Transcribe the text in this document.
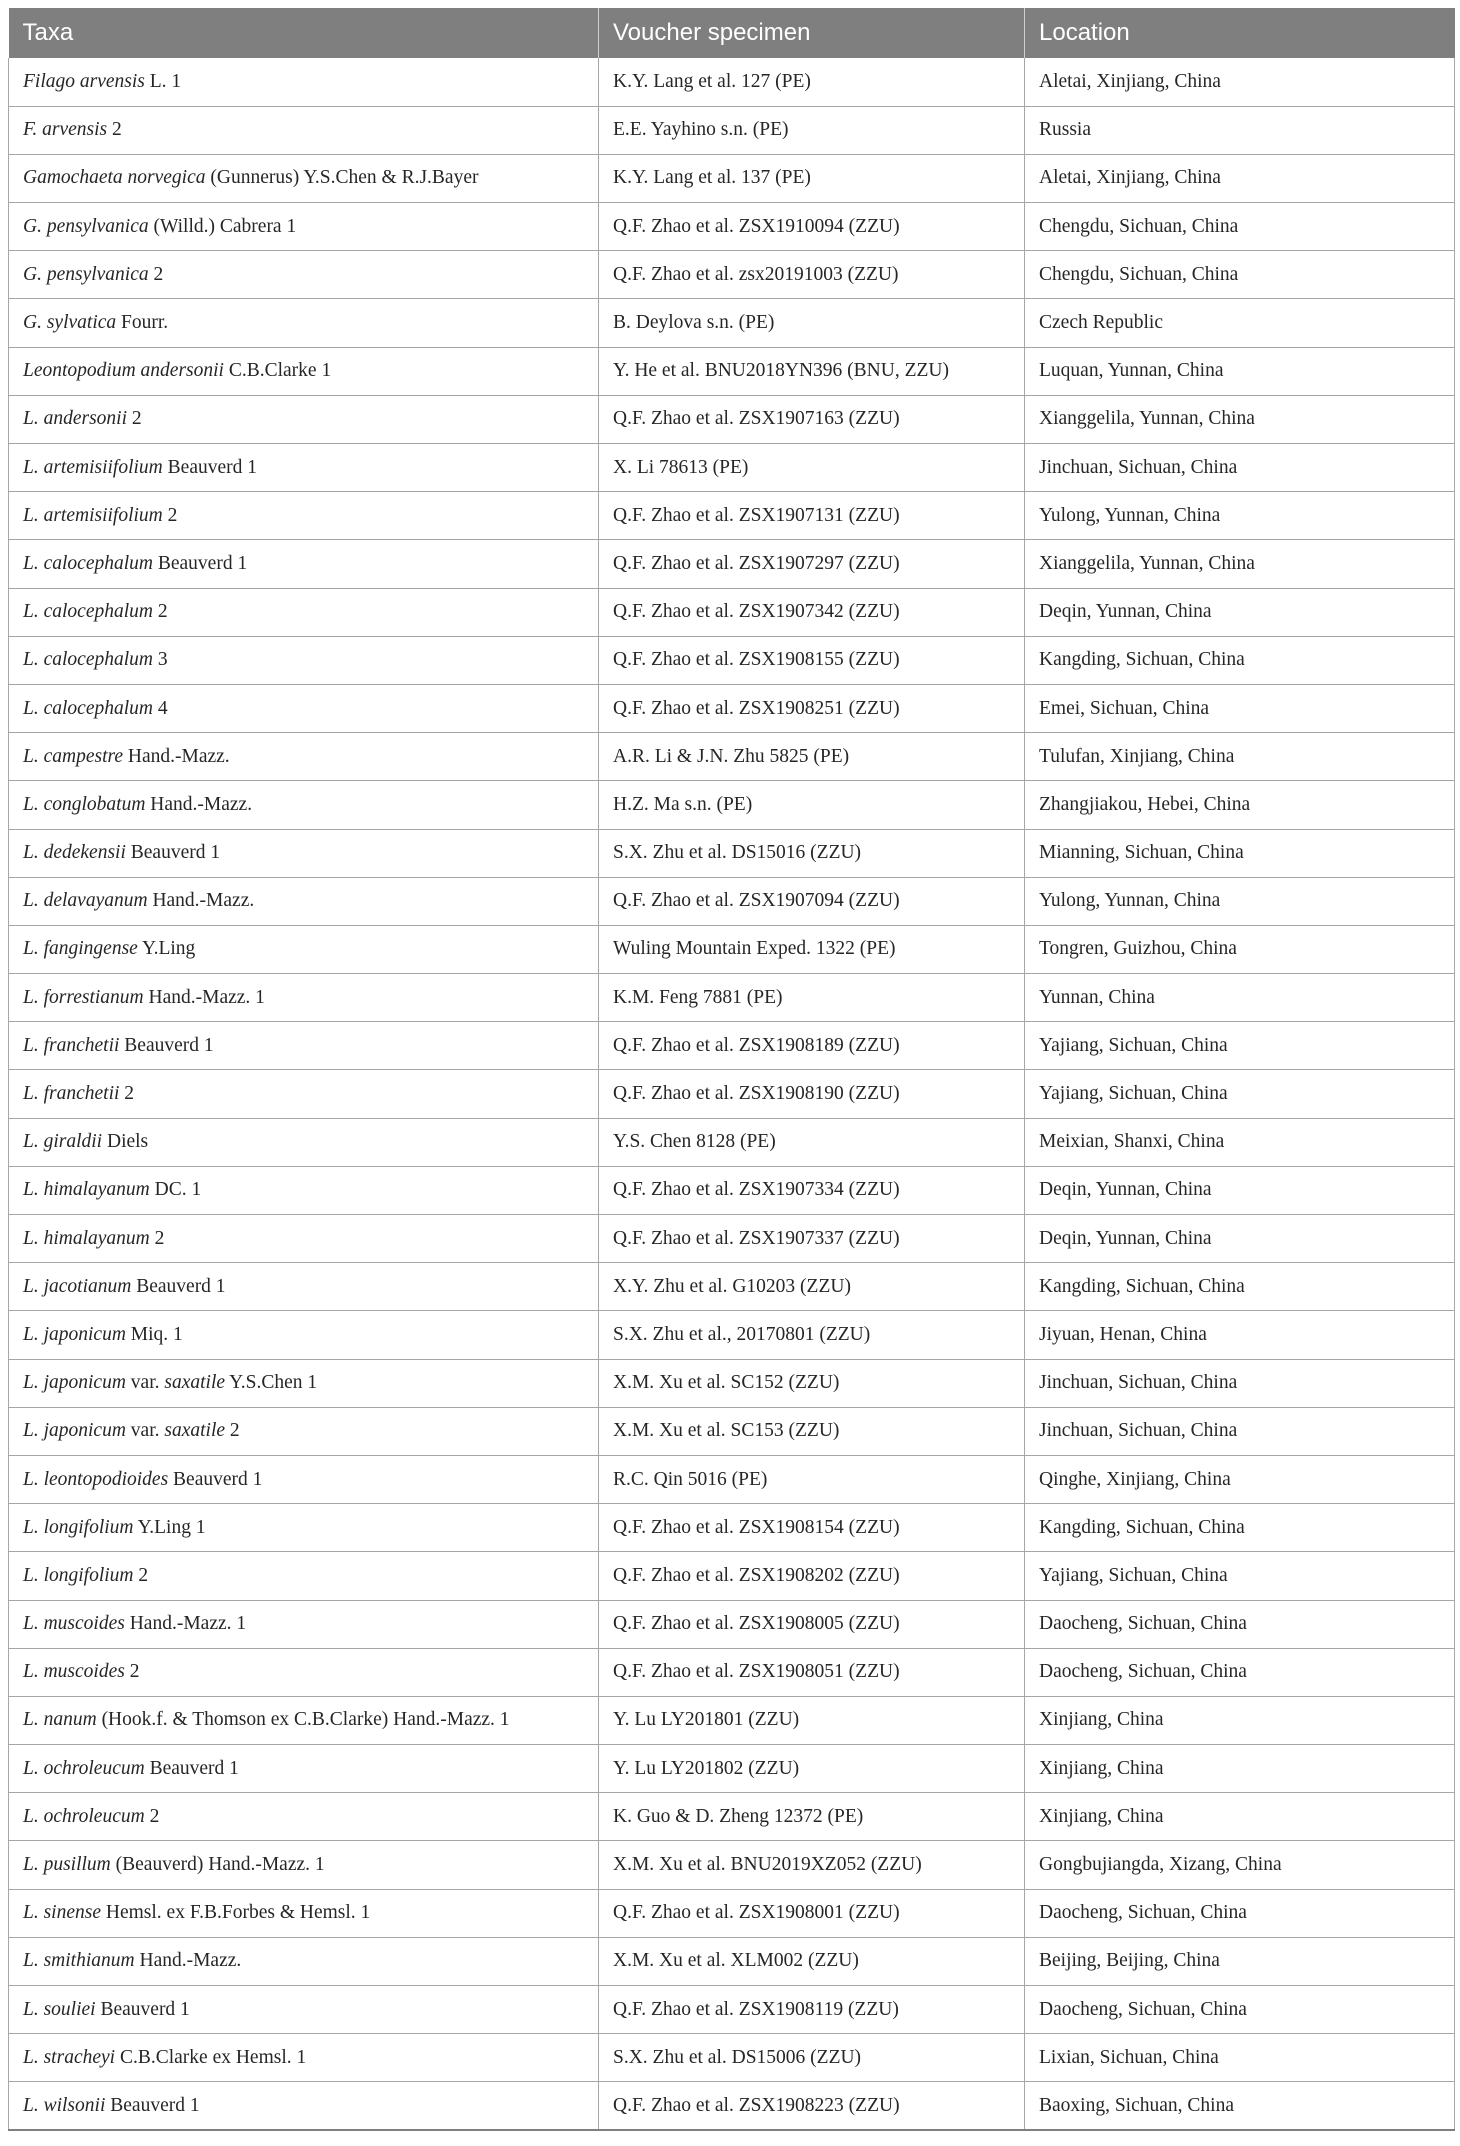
Taxa	Voucher specimen	Location
Filago arvensis L. 1	K.Y. Lang et al. 127 (PE)	Aletai, Xinjiang, China
F. arvensis 2	E.E. Yayhino s.n. (PE)	Russia
Gamochaeta norvegica (Gunnerus) Y.S.Chen & R.J.Bayer	K.Y. Lang et al. 137 (PE)	Aletai, Xinjiang, China
G. pensylvanica (Willd.) Cabrera 1	Q.F. Zhao et al. ZSX1910094 (ZZU)	Chengdu, Sichuan, China
G. pensylvanica 2	Q.F. Zhao et al. zsx20191003 (ZZU)	Chengdu, Sichuan, China
G. sylvatica Fourr.	B. Deylova s.n. (PE)	Czech Republic
Leontopodium andersonii C.B.Clarke 1	Y. He et al. BNU2018YN396 (BNU, ZZU)	Luquan, Yunnan, China
L. andersonii 2	Q.F. Zhao et al. ZSX1907163 (ZZU)	Xianggelila, Yunnan, China
L. artemisiifolium Beauverd 1	X. Li 78613 (PE)	Jinchuan, Sichuan, China
L. artemisiifolium 2	Q.F. Zhao et al. ZSX1907131 (ZZU)	Yulong, Yunnan, China
L. calocephalum Beauverd 1	Q.F. Zhao et al. ZSX1907297 (ZZU)	Xianggelila, Yunnan, China
L. calocephalum 2	Q.F. Zhao et al. ZSX1907342 (ZZU)	Deqin, Yunnan, China
L. calocephalum 3	Q.F. Zhao et al. ZSX1908155 (ZZU)	Kangding, Sichuan, China
L. calocephalum 4	Q.F. Zhao et al. ZSX1908251 (ZZU)	Emei, Sichuan, China
L. campestre Hand.-Mazz.	A.R. Li & J.N. Zhu 5825 (PE)	Tulufan, Xinjiang, China
L. conglobatum Hand.-Mazz.	H.Z. Ma s.n. (PE)	Zhangjiakou, Hebei, China
L. dedekensii Beauverd 1	S.X. Zhu et al. DS15016 (ZZU)	Mianning, Sichuan, China
L. delavayanum Hand.-Mazz.	Q.F. Zhao et al. ZSX1907094 (ZZU)	Yulong, Yunnan, China
L. fangingense Y.Ling	Wuling Mountain Exped. 1322 (PE)	Tongren, Guizhou, China
L. forrestianum Hand.-Mazz. 1	K.M. Feng 7881 (PE)	Yunnan, China
L. franchetii Beauverd 1	Q.F. Zhao et al. ZSX1908189 (ZZU)	Yajiang, Sichuan, China
L. franchetii 2	Q.F. Zhao et al. ZSX1908190 (ZZU)	Yajiang, Sichuan, China
L. giraldii Diels	Y.S. Chen 8128 (PE)	Meixian, Shanxi, China
L. himalayanum DC. 1	Q.F. Zhao et al. ZSX1907334 (ZZU)	Deqin, Yunnan, China
L. himalayanum 2	Q.F. Zhao et al. ZSX1907337 (ZZU)	Deqin, Yunnan, China
L. jacotianum Beauverd 1	X.Y. Zhu et al. G10203 (ZZU)	Kangding, Sichuan, China
L. japonicum Miq. 1	S.X. Zhu et al., 20170801 (ZZU)	Jiyuan, Henan, China
L. japonicum var. saxatile Y.S.Chen 1	X.M. Xu et al. SC152 (ZZU)	Jinchuan, Sichuan, China
L. japonicum var. saxatile 2	X.M. Xu et al. SC153 (ZZU)	Jinchuan, Sichuan, China
L. leontopodioides Beauverd 1	R.C. Qin 5016 (PE)	Qinghe, Xinjiang, China
L. longifolium Y.Ling 1	Q.F. Zhao et al. ZSX1908154 (ZZU)	Kangding, Sichuan, China
L. longifolium 2	Q.F. Zhao et al. ZSX1908202 (ZZU)	Yajiang, Sichuan, China
L. muscoides Hand.-Mazz. 1	Q.F. Zhao et al. ZSX1908005 (ZZU)	Daocheng, Sichuan, China
L. muscoides 2	Q.F. Zhao et al. ZSX1908051 (ZZU)	Daocheng, Sichuan, China
L. nanum (Hook.f. & Thomson ex C.B.Clarke) Hand.-Mazz. 1	Y. Lu LY201801 (ZZU)	Xinjiang, China
L. ochroleucum Beauverd 1	Y. Lu LY201802 (ZZU)	Xinjiang, China
L. ochroleucum 2	K. Guo & D. Zheng 12372 (PE)	Xinjiang, China
L. pusillum (Beauverd) Hand.-Mazz. 1	X.M. Xu et al. BNU2019XZ052 (ZZU)	Gongbujiangda, Xizang, China
L. sinense Hemsl. ex F.B.Forbes & Hemsl. 1	Q.F. Zhao et al. ZSX1908001 (ZZU)	Daocheng, Sichuan, China
L. smithianum Hand.-Mazz.	X.M. Xu et al. XLM002 (ZZU)	Beijing, Beijing, China
L. souliei Beauverd 1	Q.F. Zhao et al. ZSX1908119 (ZZU)	Daocheng, Sichuan, China
L. stracheyi C.B.Clarke ex Hemsl. 1	S.X. Zhu et al. DS15006 (ZZU)	Lixian, Sichuan, China
L. wilsonii Beauverd 1	Q.F. Zhao et al. ZSX1908223 (ZZU)	Baoxing, Sichuan, China
